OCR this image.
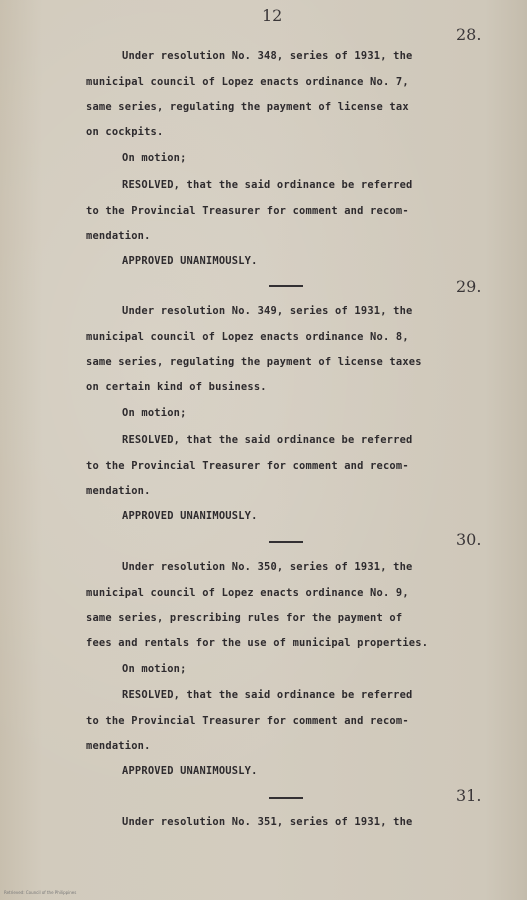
12
28.
Under resolution No. 348, series of 1931, the
municipal council of Lopez enacts ordinance No. 7,
same series, regulating the payment of license tax
on cockpits.
On motion;
RESOLVED, that the said ordinance be referred
to the Provincial Treasurer for comment and recom-
mendation.
APPROVED UNANIMOUSLY.
29.
Under resolution No. 349, series of 1931, the
municipal council of Lopez enacts ordinance No. 8,
same series, regulating the payment of license taxes
on certain kind of business.
On motion;
RESOLVED, that the said ordinance be referred
to the Provincial Treasurer for comment and recom-
mendation.
APPROVED UNANIMOUSLY.
30.
Under resolution No. 350, series of 1931, the
municipal council of Lopez enacts ordinance No. 9,
same series, prescribing rules for the payment of
fees and rentals for the use of municipal properties.
On motion;
RESOLVED, that the said ordinance be referred
to the Provincial Treasurer for comment and recom-
mendation.
APPROVED UNANIMOUSLY.
31.
Under resolution No. 351, series of 1931, the
Retrieved: Council of the Philippines
